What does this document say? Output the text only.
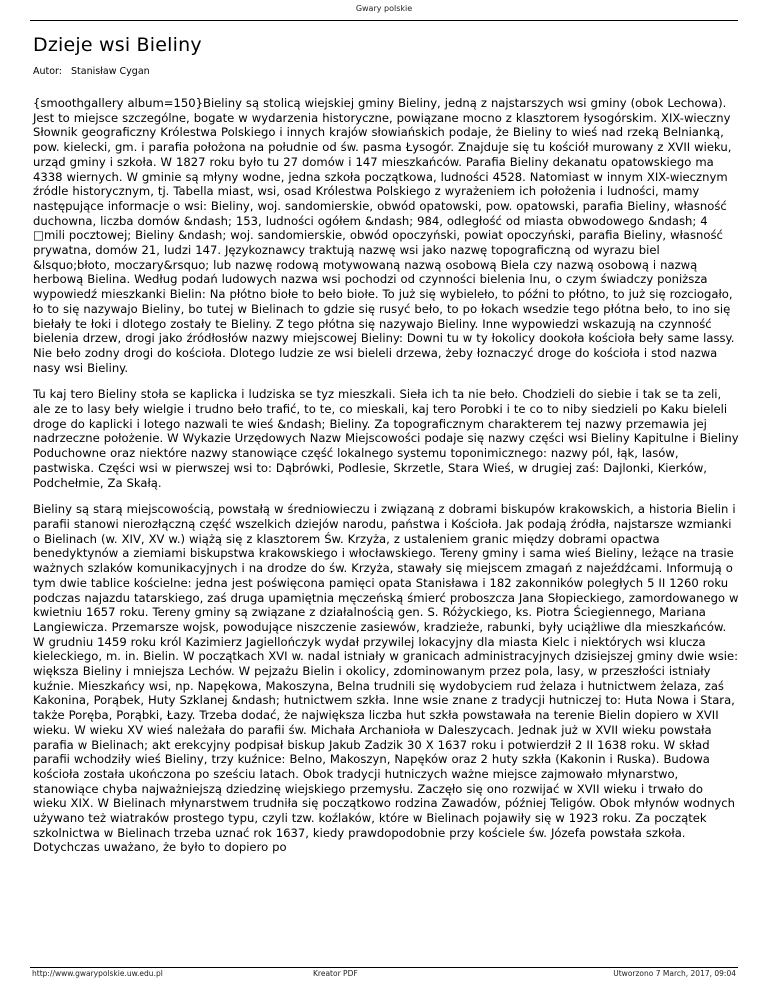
Gwary polskie
Dzieje wsi Bieliny
Autor: Stanisław Cygan

{smoothgallery album=150}Bieliny są stolicą wiejskiej gminy Bieliny, jedną z najstarszych wsi gminy (obok Lechowa). Jest to miejsce szczególne, bogate w wydarzenia historyczne, powiązane mocno z klasztorem łysogórskim. XIX-wieczny Słownik geograficzny Królestwa Polskiego i innych krajów słowiańskich podaje, że Bieliny to wieś nad rzeką Belnianką, pow. kielecki, gm. i parafia położona na południe od św. pasma Łysogór. Znajduje się tu kościół murowany z XVII wieku, urząd gminy i szkoła. W 1827 roku było tu 27 domów i 147 mieszkańców. Parafia Bieliny dekanatu opatowskiego ma 4338 wiernych. W gminie są młyny wodne, jedna szkoła początkowa, ludności 4528. Natomiast w innym XIX-wiecznym źródle historycznym, tj. Tabella miast, wsi, osad Królestwa Polskiego z wyrażeniem ich położenia i ludności, mamy następujące informacje o wsi: Bieliny, woj. sandomierskie, obwód opatowski, pow. opatowski, parafia Bieliny, własność duchowna, liczba domów &ndash; 153, ludności ogółem &ndash; 984, odległość od miasta obwodowego &ndash; 4 □mili pocztowej; Bieliny &ndash; woj. sandomierskie, obwód opoczyński, powiat opoczyński, parafia Bieliny, własność prywatna, domów 21, ludzi 147. Językoznawcy traktują nazwę wsi jako nazwę topograficzną od wyrazu biel &lsquo;błoto, moczary&rsquo; lub nazwę rodową motywowaną nazwą osobową Biela czy nazwą osobową i nazwą herbową Bielina. Według podań ludowych nazwa wsi pochodzi od czynności bielenia lnu, o czym świadczy poniższa wypowiedź mieszkanki Bielin: Na płótno biołe to beło biołe. To już się wybieleło, to późni to płótno, to już się rozciogało, ło to się nazywajo Bieliny, bo tutej w Bielinach to gdzie się rusyć beło, to po łokach wsedzie tego płótna beło, to ino się biełały te łoki i dlotego zostały te Bieliny. Z tego płótna się nazywajo Bieliny. Inne wypowiedzi wskazują na czynność bielenia drzew, drogi jako źródłosłów nazwy miejscowej Bieliny: Downi tu w ty łokolicy dookoła kościoła beły same lassy. Nie beło zodny drogi do kościoła. Dlotego ludzie ze wsi bieleli drzewa, żeby łoznaczyć droge do kościoła i stod nazwa nasy wsi Bieliny.

Tu kaj tero Bieliny stoła se kaplicka i ludziska se tyz mieszkali. Sieła ich ta nie beło. Chodzieli do siebie i tak se ta zeli, ale ze to lasy beły wielgie i trudno beło trafić, to te, co mieskali, kaj tero Porobki i te co to niby siedzieli po Kaku bieleli droge do kaplicki i lotego nazwali te wieś &ndash; Bieliny. Za topograficznym charakterem tej nazwy przemawia jej nadrzeczne położenie. W Wykazie Urzędowych Nazw Miejscowości podaje się nazwy części wsi Bieliny Kapitulne i Bieliny Poduchowne oraz niektóre nazwy stanowiące część lokalnego systemu toponimicznego: nazwy pól, łąk, lasów, pastwiska. Części wsi w pierwszej wsi to: Dąbrówki, Podlesie, Skrzetle, Stara Wieś, w drugiej zaś: Dajlonki, Kierków, Podchełmie, Za Skałą.

Bieliny są starą miejscowością, powstałą w średniowieczu i związaną z dobrami biskupów krakowskich, a historia Bielin i parafii stanowi nierozłączną część wszelkich dziejów narodu, państwa i Kościoła. Jak podają źródła, najstarsze wzmianki o Bielinach (w. XIV, XV w.) wiążą się z klasztorem Św. Krzyża, z ustaleniem granic między dobrami opactwa benedyktynów a ziemiami biskupstwa krakowskiego i włocławskiego. Tereny gminy i sama wieś Bieliny, leżące na trasie ważnych szlaków komunikacyjnych i na drodze do św. Krzyża, stawały się miejscem zmagań z najeźdźcami. Informują o tym dwie tablice kościelne: jedna jest poświęcona pamięci opata Stanisława i 182 zakonników poległych 5 II 1260 roku podczas najazdu tatarskiego, zaś druga upamiętnia męczeńską śmierć proboszcza Jana Słopieckiego, zamordowanego w kwietniu 1657 roku. Tereny gminy są związane z działalnością gen. S. Różyckiego, ks. Piotra Ściegiennego, Mariana Langiewicza. Przemarsze wojsk, powodujące niszczenie zasiewów, kradzieże, rabunki, były uciążliwe dla mieszkańców. W grudniu 1459 roku król Kazimierz Jagiellończyk wydał przywilej lokacyjny dla miasta Kielc i niektórych wsi klucza kieleckiego, m. in. Bielin. W początkach XVI w. nadal istniały w granicach administracyjnych dzisiejszej gminy dwie wsie: większa Bieliny i mniejsza Lechów. W pejzażu Bielin i okolicy, zdominowanym przez pola, lasy, w przeszłości istniały kuźnie. Mieszkańcy wsi, np. Napękowa, Makoszyna, Belna trudnili się wydobyciem rud żelaza i hutnictwem żelaza, zaś Kakonina, Porąbek, Huty Szklanej &ndash; hutnictwem szkła. Inne wsie znane z tradycji hutniczej to: Huta Nowa i Stara, także Poręba, Porąbki, Łazy. Trzeba dodać, że największa liczba hut szkła powstawała na terenie Bielin dopiero w XVII wieku. W wieku XV wieś należała do parafii św. Michała Archanioła w Daleszycach. Jednak już w XVII wieku powstała parafia w Bielinach; akt erekcyjny podpisał biskup Jakub Zadzik 30 X 1637 roku i potwierdził 2 II 1638 roku. W skład parafii wchodziły wieś Bieliny, trzy kuźnice: Belno, Makoszyn, Napęków oraz 2 huty szkła (Kakonin i Ruska). Budowa kościoła została ukończona po sześciu latach. Obok tradycji hutniczych ważne miejsce zajmowało młynarstwo, stanowiące chyba najważniejszą dziedzinę wiejskiego przemysłu. Zaczęło się ono rozwijać w XVII wieku i trwało do wieku XIX. W Bielinach młynarstwem trudniła się początkowo rodzina Zawadów, później Teligów. Obok młynów wodnych używano też wiatraków prostego typu, czyli tzw. koźlaków, które w Bielinach pojawiły się w 1923 roku. Za początek szkolnictwa w Bielinach trzeba uznać rok 1637, kiedy prawdopodobnie przy kościele św. Józefa powstała szkoła. Dotychczas uważano, że było to dopiero po

http://www.gwarypolskie.uw.edu.pl	Kreator PDF	Utworzono 7 March, 2017, 09:04
